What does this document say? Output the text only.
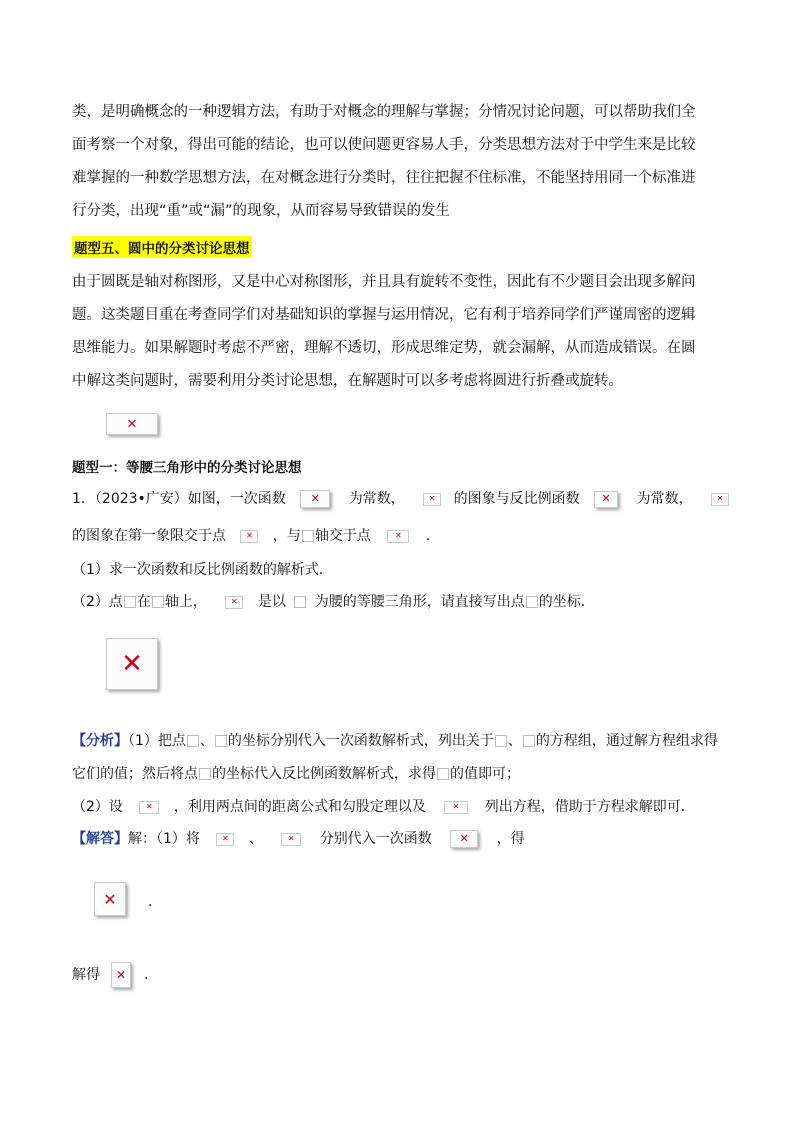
类，是明确概念的一种逻辑方法，有助于对概念的理解与掌握；分情况讨论问题，可以帮助我们全
面考察一个对象，得出可能的结论，也可以使问题更容易人手，分类思想方法对于中学生来是比较
难掌握的一种数学思想方法，在对概念进行分类时，往往把握不住标准，不能坚持用同一个标准进
行分类，出现“重”或“漏”的现象，从而容易导致错误的发生
题型五、圆中的分类讨论思想
由于圆既是轴对称图形，又是中心对称图形，并且具有旋转不变性，因此有不少题目会出现多解问
题。这类题目重在考查同学们对基础知识的掌握与运用情况，它有利于培养同学们严谨周密的逻辑
思维能力。如果解题时考虑不严密，理解不透切，形成思维定势，就会漏解，从而造成错误。在圆
中解这类问题时，需要利用分类讨论思想，在解题时可以多考虑将圆进行折叠或旋转。
✕
题型一：等腰三角形中的分类讨论思想
1．（2023•广安）如图，一次函数	✕	为常数，	✕	的图象与反比例函数	✕	为常数，	✕
的图象在第一象限交于点	✕	，与 轴交于点	✕	．
（1）求一次函数和反比例函数的解析式．
（2）点 在 轴上，	✕	是以 为腰的等腰三角形，请直接写出点 的坐标．
✕
【分析】（1）把点 、 的坐标分别代入一次函数解析式，列出关于 、 的方程组，通过解方程组求得
它们的值；然后将点 的坐标代入反比例函数解析式，求得 的值即可；
（2）设	✕	，利用两点间的距离公式和勾股定理以及	✕	列出方程，借助于方程求解即可．
【解答】解：（1）将	✕	、	✕	分别代入一次函数	✕	，得
✕	．
解得	✕ ．
